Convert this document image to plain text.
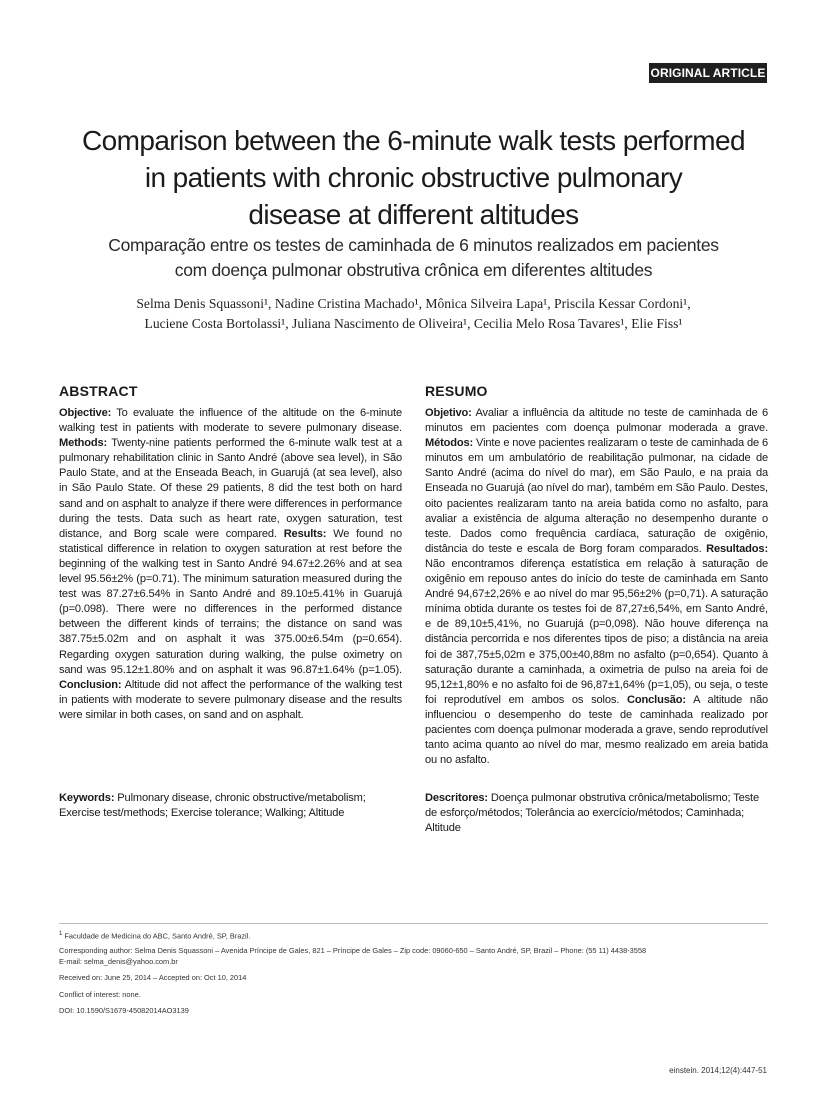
ORIGINAL ARTICLE
Comparison between the 6-minute walk tests performed
in patients with chronic obstructive pulmonary
disease at different altitudes
Comparação entre os testes de caminhada de 6 minutos realizados em pacientes
com doença pulmonar obstrutiva crônica em diferentes altitudes
Selma Denis Squassoni¹, Nadine Cristina Machado¹, Mônica Silveira Lapa¹, Priscila Kessar Cordoni¹,
Luciene Costa Bortolassi¹, Juliana Nascimento de Oliveira¹, Cecilia Melo Rosa Tavares¹, Elie Fiss¹
ABSTRACT

Objective: To evaluate the influence of the altitude on the 6-minute walking test in patients with moderate to severe pulmonary disease. Methods: Twenty-nine patients performed the 6-minute walk test at a pulmonary rehabilitation clinic in Santo André (above sea level), in São Paulo State, and at the Enseada Beach, in Guarujá (at sea level), also in São Paulo State. Of these 29 patients, 8 did the test both on hard sand and on asphalt to analyze if there were differences in performance during the tests. Data such as heart rate, oxygen saturation, test distance, and Borg scale were compared. Results: We found no statistical difference in relation to oxygen saturation at rest before the beginning of the walking test in Santo André 94.67±2.26% and at sea level 95.56±2% (p=0.71). The minimum saturation measured during the test was 87.27±6.54% in Santo André and 89.10±5.41% in Guarujá (p=0.098). There were no differences in the performed distance between the different kinds of terrains; the distance on sand was 387.75±5.02m and on asphalt it was 375.00±6.54m (p=0.654). Regarding oxygen saturation during walking, the pulse oximetry on sand was 95.12±1.80% and on asphalt it was 96.87±1.64% (p=1.05). Conclusion: Altitude did not affect the performance of the walking test in patients with moderate to severe pulmonary disease and the results were similar in both cases, on sand and on asphalt.

RESUMO

Objetivo: Avaliar a influência da altitude no teste de caminhada de 6 minutos em pacientes com doença pulmonar moderada a grave. Métodos: Vinte e nove pacientes realizaram o teste de caminhada de 6 minutos em um ambulatório de reabilitação pulmonar, na cidade de Santo André (acima do nível do mar), em São Paulo, e na praia da Enseada no Guarujá (ao nível do mar), também em São Paulo. Destes, oito pacientes realizaram tanto na areia batida como no asfalto, para avaliar a existência de alguma alteração no desempenho durante o teste. Dados como frequência cardíaca, saturação de oxigênio, distância do teste e escala de Borg foram comparados. Resultados: Não encontramos diferença estatística em relação à saturação de oxigênio em repouso antes do início do teste de caminhada em Santo André 94,67±2,26% e ao nível do mar 95,56±2% (p=0,71). A saturação mínima obtida durante os testes foi de 87,27±6,54%, em Santo André, e de 89,10±5,41%, no Guarujá (p=0,098). Não houve diferença na distância percorrida e nos diferentes tipos de piso; a distância na areia foi de 387,75±5,02m e 375,00±40,88m no asfalto (p=0,654). Quanto à saturação durante a caminhada, a oximetria de pulso na areia foi de 95,12±1,80% e no asfalto foi de 96,87±1,64% (p=1,05), ou seja, o teste foi reprodutível em ambos os solos. Conclusão: A altitude não influenciou o desempenho do teste de caminhada realizado por pacientes com doença pulmonar moderada a grave, sendo reprodutível tanto acima quanto ao nível do mar, mesmo realizado em areia batida ou no asfalto.

Keywords: Pulmonary disease, chronic obstructive/metabolism; Exercise test/methods; Exercise tolerance; Walking; Altitude
Descritores: Doença pulmonar obstrutiva crônica/metabolismo; Teste de esforço/métodos; Tolerância ao exercício/métodos; Caminhada; Altitude
$^1$ Faculdade de Medicina do ABC, Santo André, SP, Brazil.
Corresponding author: Selma Denis Squassoni – Avenida Príncipe de Gales, 821 – Príncipe de Gales – Zip code: 09060-650 – Santo André, SP, Brazil – Phone: (55 11) 4438-3558
E-mail: selma_denis@yahoo.com.br
Received on: June 25, 2014 – Accepted on: Oct 10, 2014
Conflict of interest: none.
DOI: 10.1590/S1679-45082014AO3139
einstein. 2014;12(4):447-51
